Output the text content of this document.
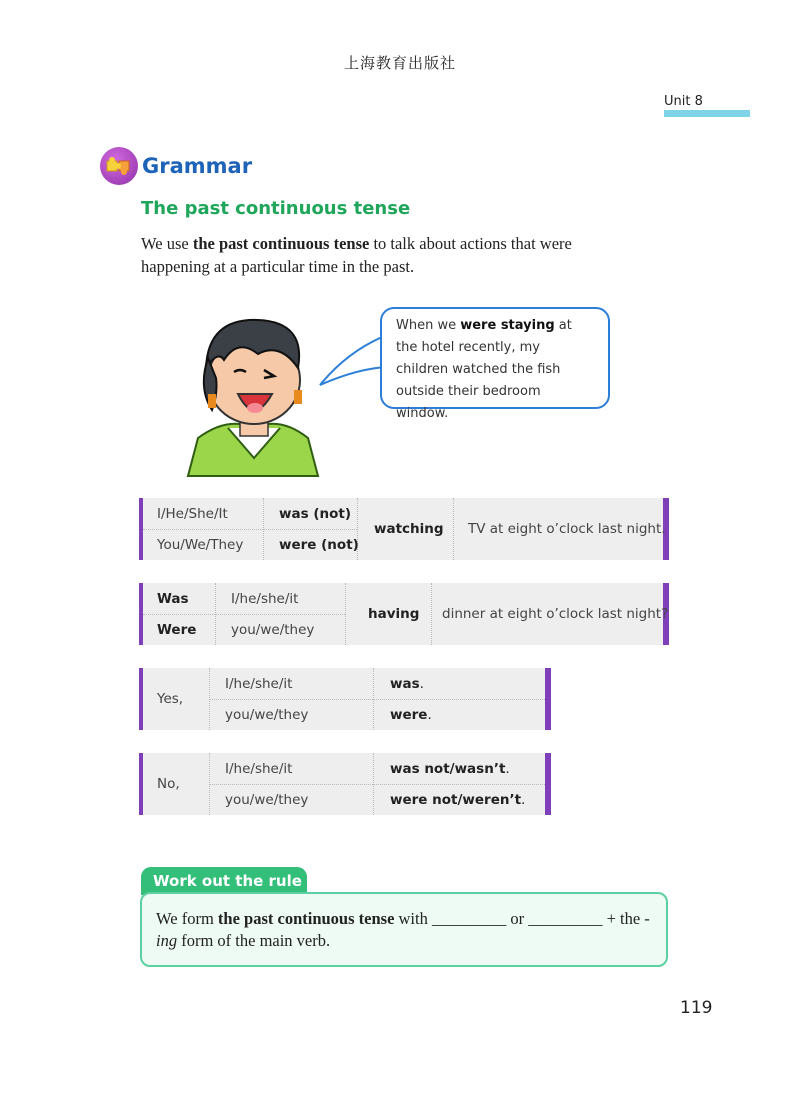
上海教育出版社
Unit 8
Grammar
The past continuous tense
We use the past continuous tense to talk about actions that were happening at a particular time in the past.
When we were staying at the hotel recently, my children watched the fish outside their bedroom window.
I/He/She/It	was (not)
You/We/They	were (not)
watching TV at eight o’clock last night.
Was	I/he/she/it
Were	you/we/they
having dinner at eight o’clock last night?
Yes,
I/he/she/it	was .
you/we/they	were .
No,
I/he/she/it	was not/wasn’t .
you/we/they	were not/weren’t .
Work out the rule
We form the past continuous tense with _________ or _________ + the -ing form of the main verb.
119
